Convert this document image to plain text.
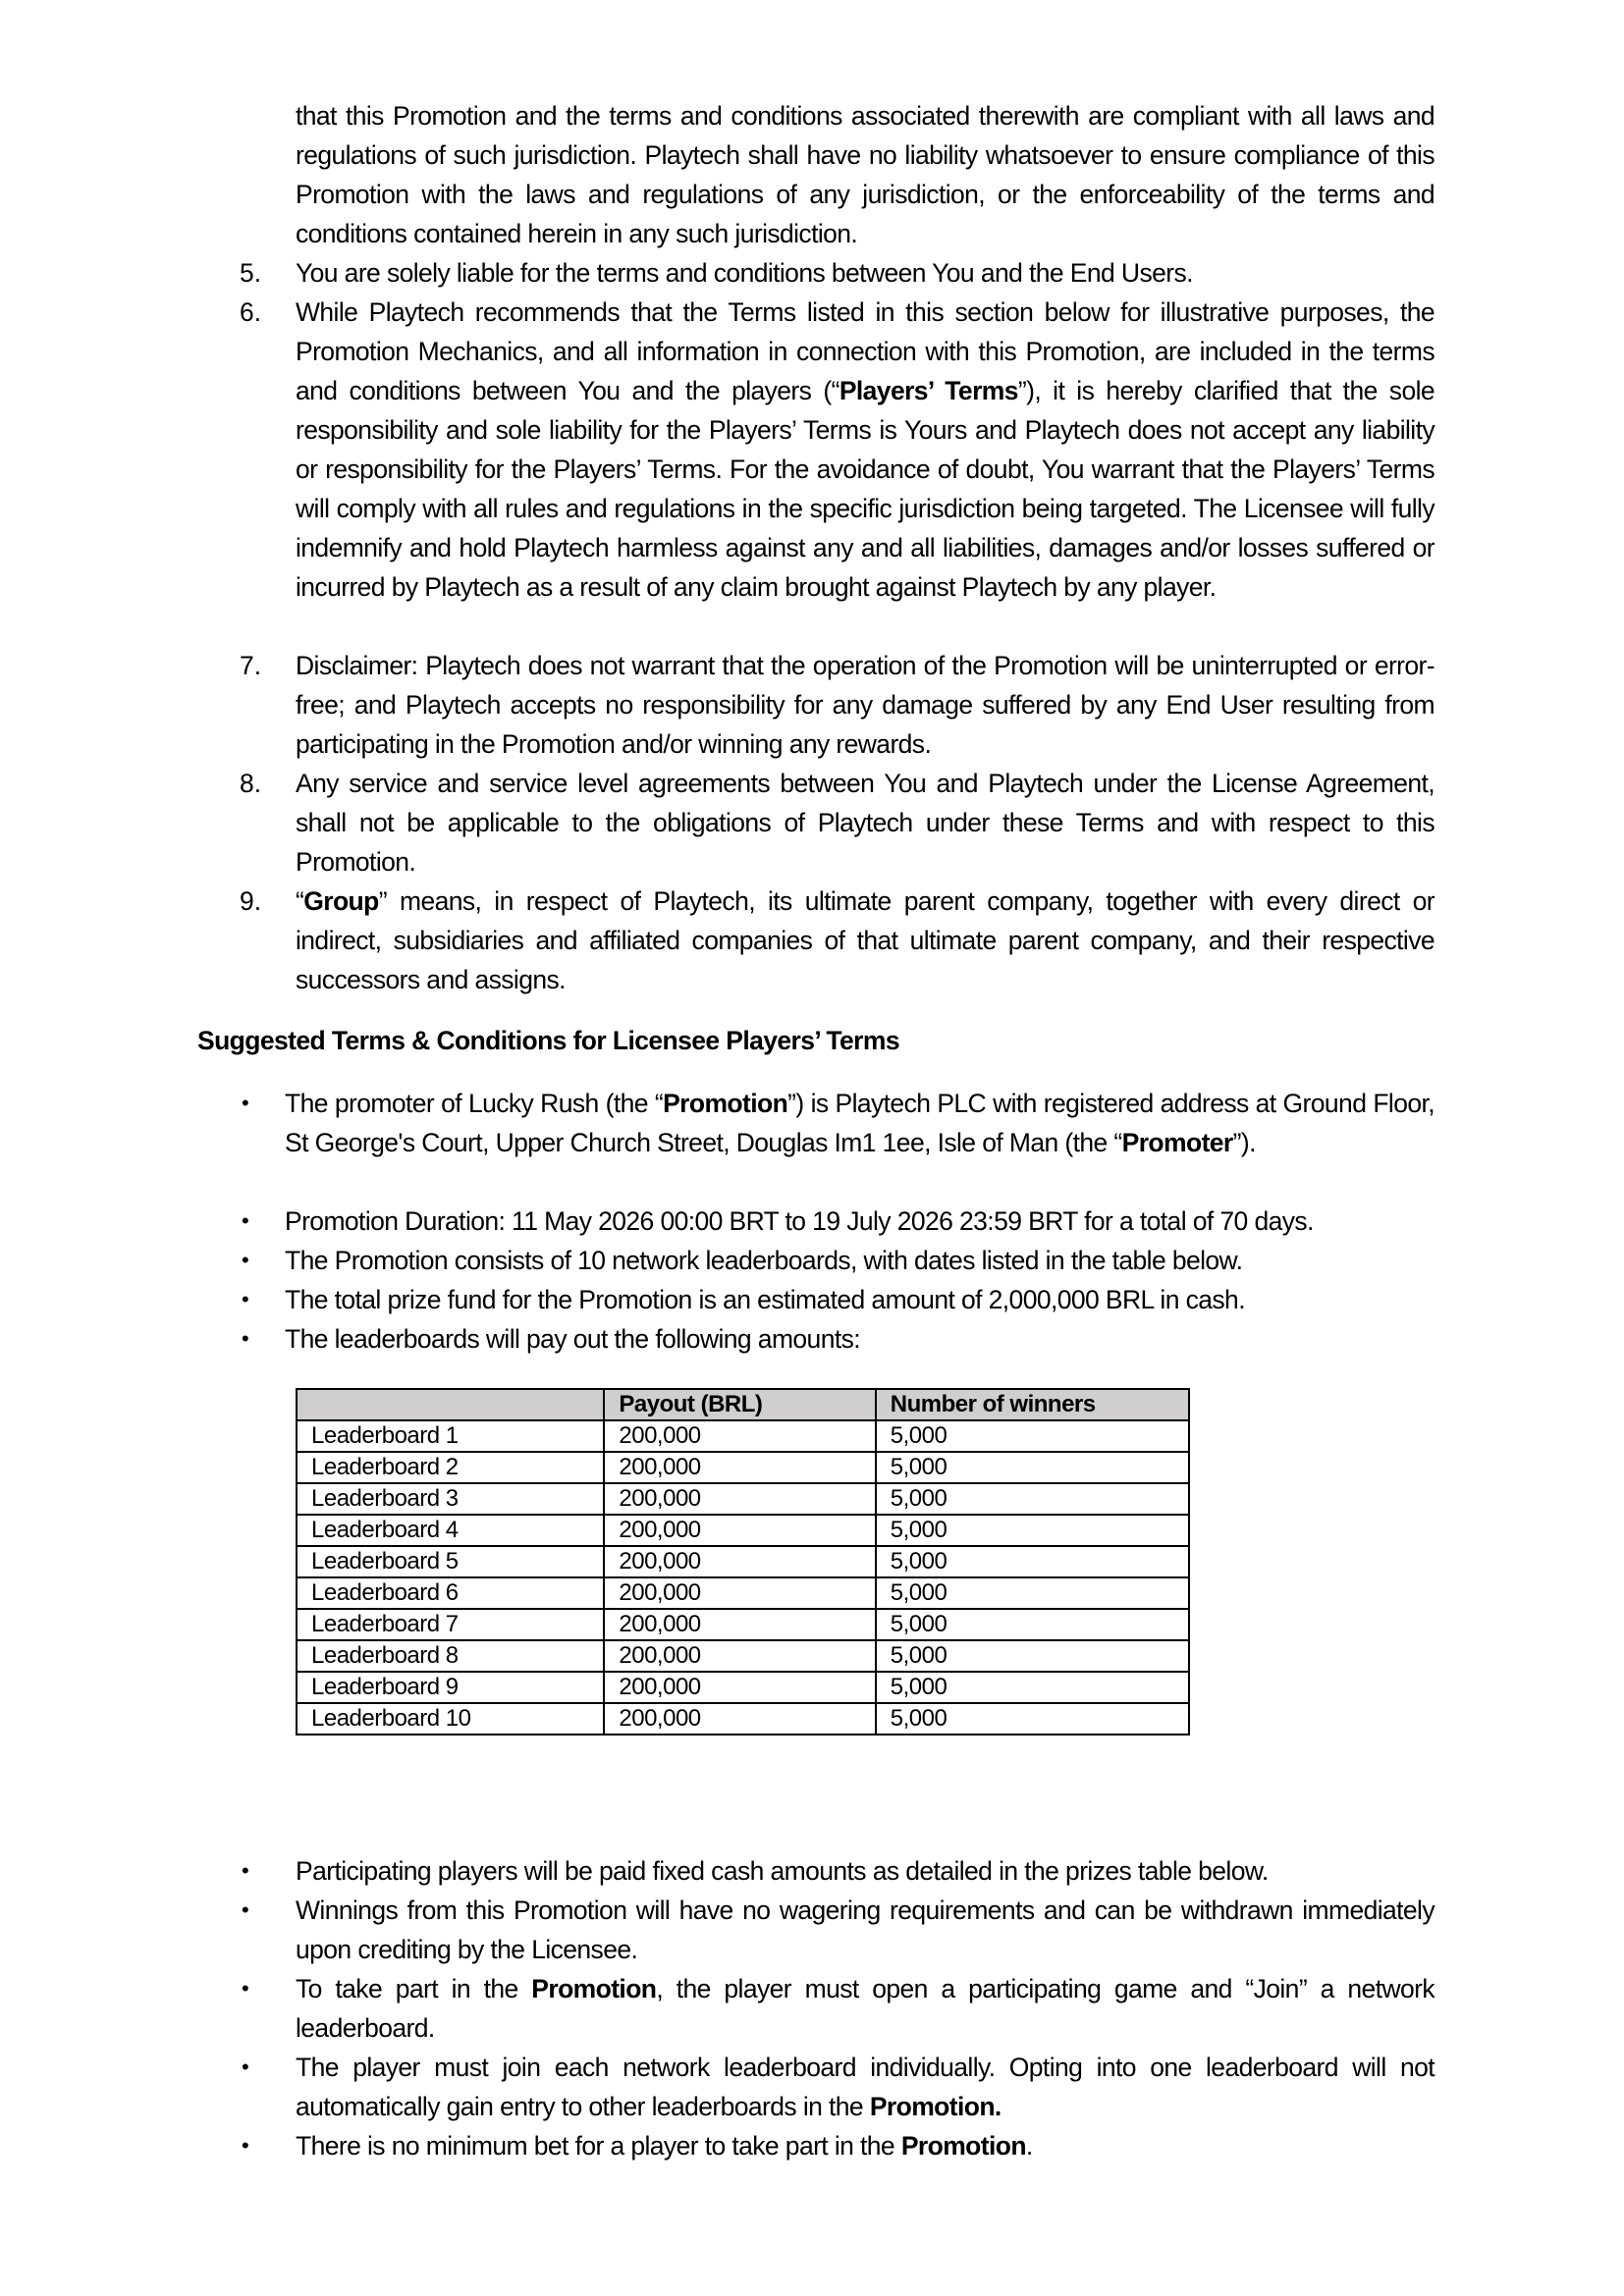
that this Promotion and the terms and conditions associated therewith are compliant with all laws and regulations of such jurisdiction. Playtech shall have no liability whatsoever to ensure compliance of this Promotion with the laws and regulations of any jurisdiction, or the enforceability of the terms and conditions contained herein in any such jurisdiction.
5. You are solely liable for the terms and conditions between You and the End Users.
6. While Playtech recommends that the Terms listed in this section below for illustrative purposes, the Promotion Mechanics, and all information in connection with this Promotion, are included in the terms and conditions between You and the players (“Players’ Terms”), it is hereby clarified that the sole responsibility and sole liability for the Players’ Terms is Yours and Playtech does not accept any liability or responsibility for the Players’ Terms. For the avoidance of doubt, You warrant that the Players’ Terms will comply with all rules and regulations in the specific jurisdiction being targeted. The Licensee will fully indemnify and hold Playtech harmless against any and all liabilities, damages and/or losses suffered or incurred by Playtech as a result of any claim brought against Playtech by any player.
7. Disclaimer: Playtech does not warrant that the operation of the Promotion will be uninterrupted or error-free; and Playtech accepts no responsibility for any damage suffered by any End User resulting from participating in the Promotion and/or winning any rewards.
8. Any service and service level agreements between You and Playtech under the License Agreement, shall not be applicable to the obligations of Playtech under these Terms and with respect to this Promotion.
9. “Group” means, in respect of Playtech, its ultimate parent company, together with every direct or indirect, subsidiaries and affiliated companies of that ultimate parent company, and their respective successors and assigns.
Suggested Terms & Conditions for Licensee Players’ Terms
• The promoter of Lucky Rush (the “Promotion”) is Playtech PLC with registered address at Ground Floor, St George's Court, Upper Church Street, Douglas Im1 1ee, Isle of Man (the “Promoter”).
• Promotion Duration: 11 May 2026 00:00 BRT to 19 July 2026 23:59 BRT for a total of 70 days.
• The Promotion consists of 10 network leaderboards, with dates listed in the table below.
• The total prize fund for the Promotion is an estimated amount of 2,000,000 BRL in cash.
• The leaderboards will pay out the following amounts:
	Payout (BRL)	Number of winners
Leaderboard 1	200,000	5,000
Leaderboard 2	200,000	5,000
Leaderboard 3	200,000	5,000
Leaderboard 4	200,000	5,000
Leaderboard 5	200,000	5,000
Leaderboard 6	200,000	5,000
Leaderboard 7	200,000	5,000
Leaderboard 8	200,000	5,000
Leaderboard 9	200,000	5,000
Leaderboard 10	200,000	5,000
• Participating players will be paid fixed cash amounts as detailed in the prizes table below.
• Winnings from this Promotion will have no wagering requirements and can be withdrawn immediately upon crediting by the Licensee.
• To take part in the Promotion, the player must open a participating game and “Join” a network leaderboard.
• The player must join each network leaderboard individually. Opting into one leaderboard will not automatically gain entry to other leaderboards in the Promotion.
• There is no minimum bet for a player to take part in the Promotion.
